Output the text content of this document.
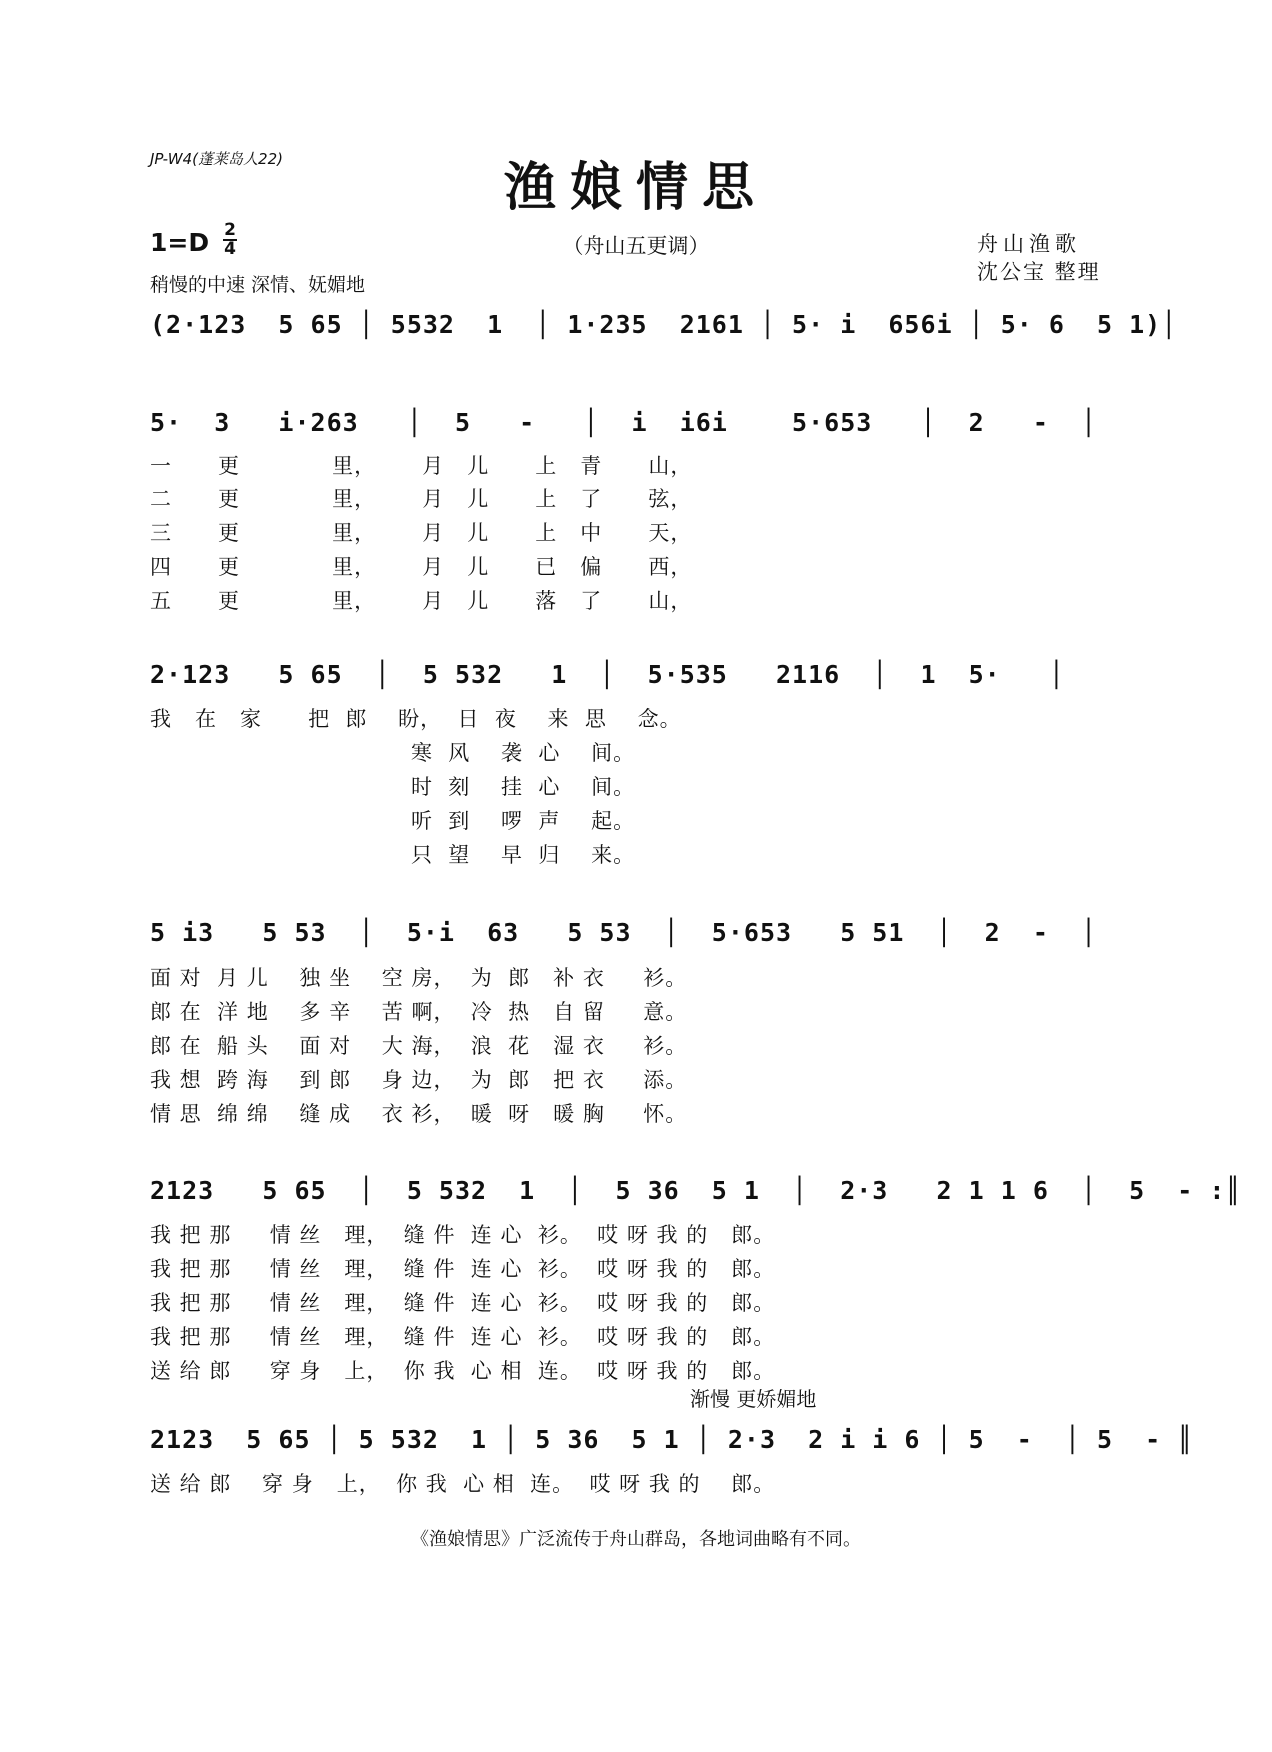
JP-W4(蓬莱岛人22)	渔娘情思
1=D 2
4	（舟山五更调）	舟山渔歌
沈公宝 整理
稍慢的中速 深情、妩媚地
(2·123  5 65 │ 5532  1  │ 1·235  2161 │ 5· i  656i │ 5· 6  5 1)│
5·  3   i·263   │  5   -   │  i  i6i    5·653   │  2   -  │
一      更            里，      月   儿      上   青      山，
二      更            里，      月   儿      上   了      弦，
三      更            里，      月   儿      上   中      天，
四      更            里，      月   儿      已   偏      西，
五      更            里，      月   儿      落   了      山，
2·123   5 65  │  5 532   1  │  5·535   2116  │  1  5·   │
我   在   家      把  郎    盼，  日  夜    来  思    念。
寒  风    袭  心    间。
时  刻    挂  心    间。
听  到    啰  声    起。
只  望    早  归    来。
5 i3   5 53  │  5·i  63   5 53  │  5·653   5 51  │  2  -  │
面 对  月 儿    独 坐    空 房，  为  郎   补 衣     衫。
郎 在  洋 地    多 辛    苦 啊，  冷  热   自 留     意。
郎 在  船 头    面 对    大 海，  浪  花   湿 衣     衫。
我 想  跨 海    到 郎    身 边，  为  郎   把 衣     添。
情 思  绵 绵    缝 成    衣 衫，  暖  呀   暖 胸     怀。
2123   5 65  │  5 532  1  │  5 36  5 1  │  2·3   2 1 1 6  │  5  - :║
我 把 那     情 丝   理，  缝 件  连 心  衫。  哎 呀 我 的   郎。
我 把 那     情 丝   理，  缝 件  连 心  衫。  哎 呀 我 的   郎。
我 把 那     情 丝   理，  缝 件  连 心  衫。  哎 呀 我 的   郎。
我 把 那     情 丝   理，  缝 件  连 心  衫。  哎 呀 我 的   郎。
送 给 郎     穿 身   上，  你 我  心 相  连。  哎 呀 我 的   郎。
渐慢 更娇媚地
2123  5 65 │ 5 532  1 │ 5 36  5 1 │ 2·3  2 i i 6 │ 5  -  │ 5  - ║
送 给 郎    穿 身   上，  你 我  心 相  连。  哎 呀 我 的    郎。
《渔娘情思》广泛流传于舟山群岛，各地词曲略有不同。
